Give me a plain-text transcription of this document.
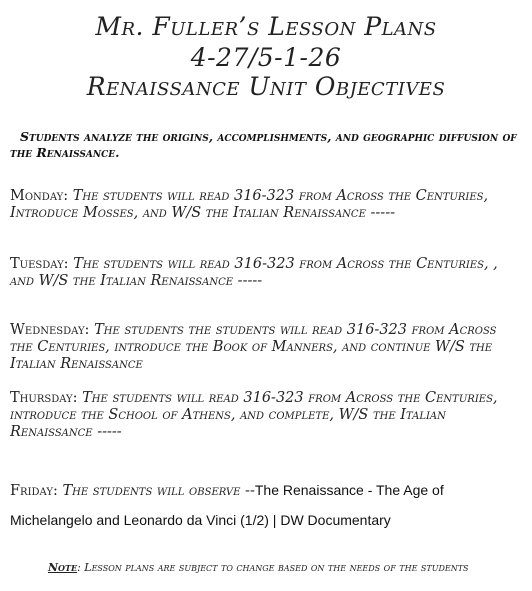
Mr. Fuller’s Lesson Plans
4-27/5-1-26
Renaissance Unit Objectives
Students analyze the origins, accomplishments, and geographic diffusion of the Renaissance.
Monday: The students will read 316-323 from Across the Centuries, Introduce Mosses, and W/S the Italian Renaissance -----
Tuesday: The students will read 316-323 from Across the Centuries, , and W/S the Italian Renaissance -----
Wednesday: The students the students will read 316-323 from Across the Centuries, introduce the Book of Manners, and continue W/S the Italian Renaissance
Thursday: The students will read 316-323 from Across the Centuries, introduce the School of Athens, and complete, W/S the Italian Renaissance -----
Friday: The students will observe --The Renaissance - The Age of
Michelangelo and Leonardo da Vinci (1/2) | DW Documentary
Note: Lesson plans are subject to change based on the needs of the students
